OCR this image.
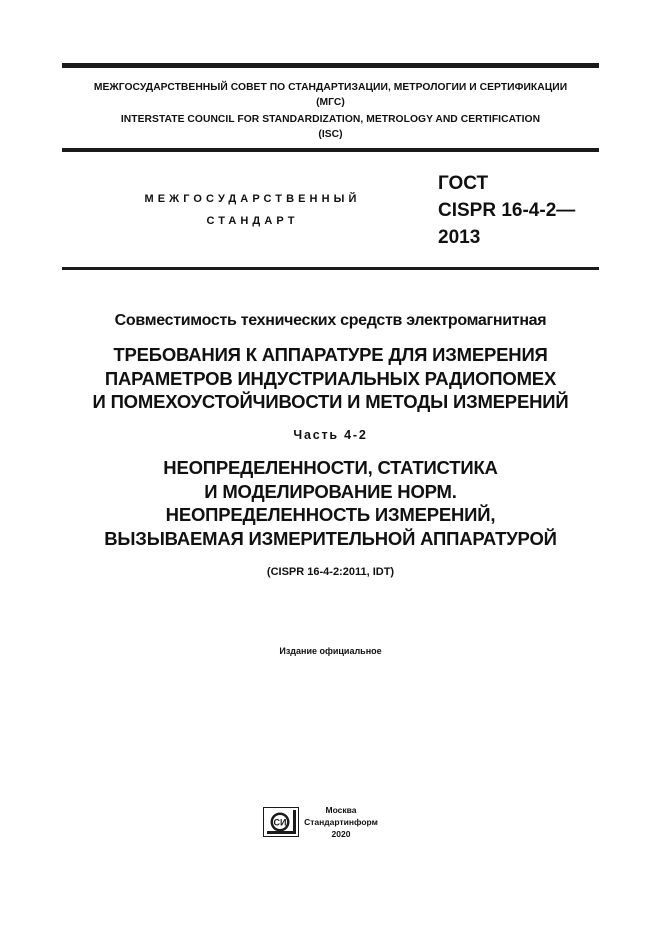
МЕЖГОСУДАРСТВЕННЫЙ СОВЕТ ПО СТАНДАРТИЗАЦИИ, МЕТРОЛОГИИ И СЕРТИФИКАЦИИ
(МГС)
INTERSTATE COUNCIL FOR STANDARDIZATION, METROLOGY AND CERTIFICATION
(ISC)
МЕЖГОСУДАРСТВЕННЫЙ
СТАНДАРТ
ГОСТ
CISPR 16-4-2—
2013
Совместимость технических средств электромагнитная
ТРЕБОВАНИЯ К АППАРАТУРЕ ДЛЯ ИЗМЕРЕНИЯ
ПАРАМЕТРОВ ИНДУСТРИАЛЬНЫХ РАДИОПОМЕХ
И ПОМЕХОУСТОЙЧИВОСТИ И МЕТОДЫ ИЗМЕРЕНИЙ
Часть 4-2
НЕОПРЕДЕЛЕННОСТИ, СТАТИСТИКА
И МОДЕЛИРОВАНИЕ НОРМ.
НЕОПРЕДЕЛЕННОСТЬ ИЗМЕРЕНИЙ,
ВЫЗЫВАЕМАЯ ИЗМЕРИТЕЛЬНОЙ АППАРАТУРОЙ
(CISPR 16-4-2:2011, IDT)
Издание официальное
СИ
Москва
Стандартинформ
2020
